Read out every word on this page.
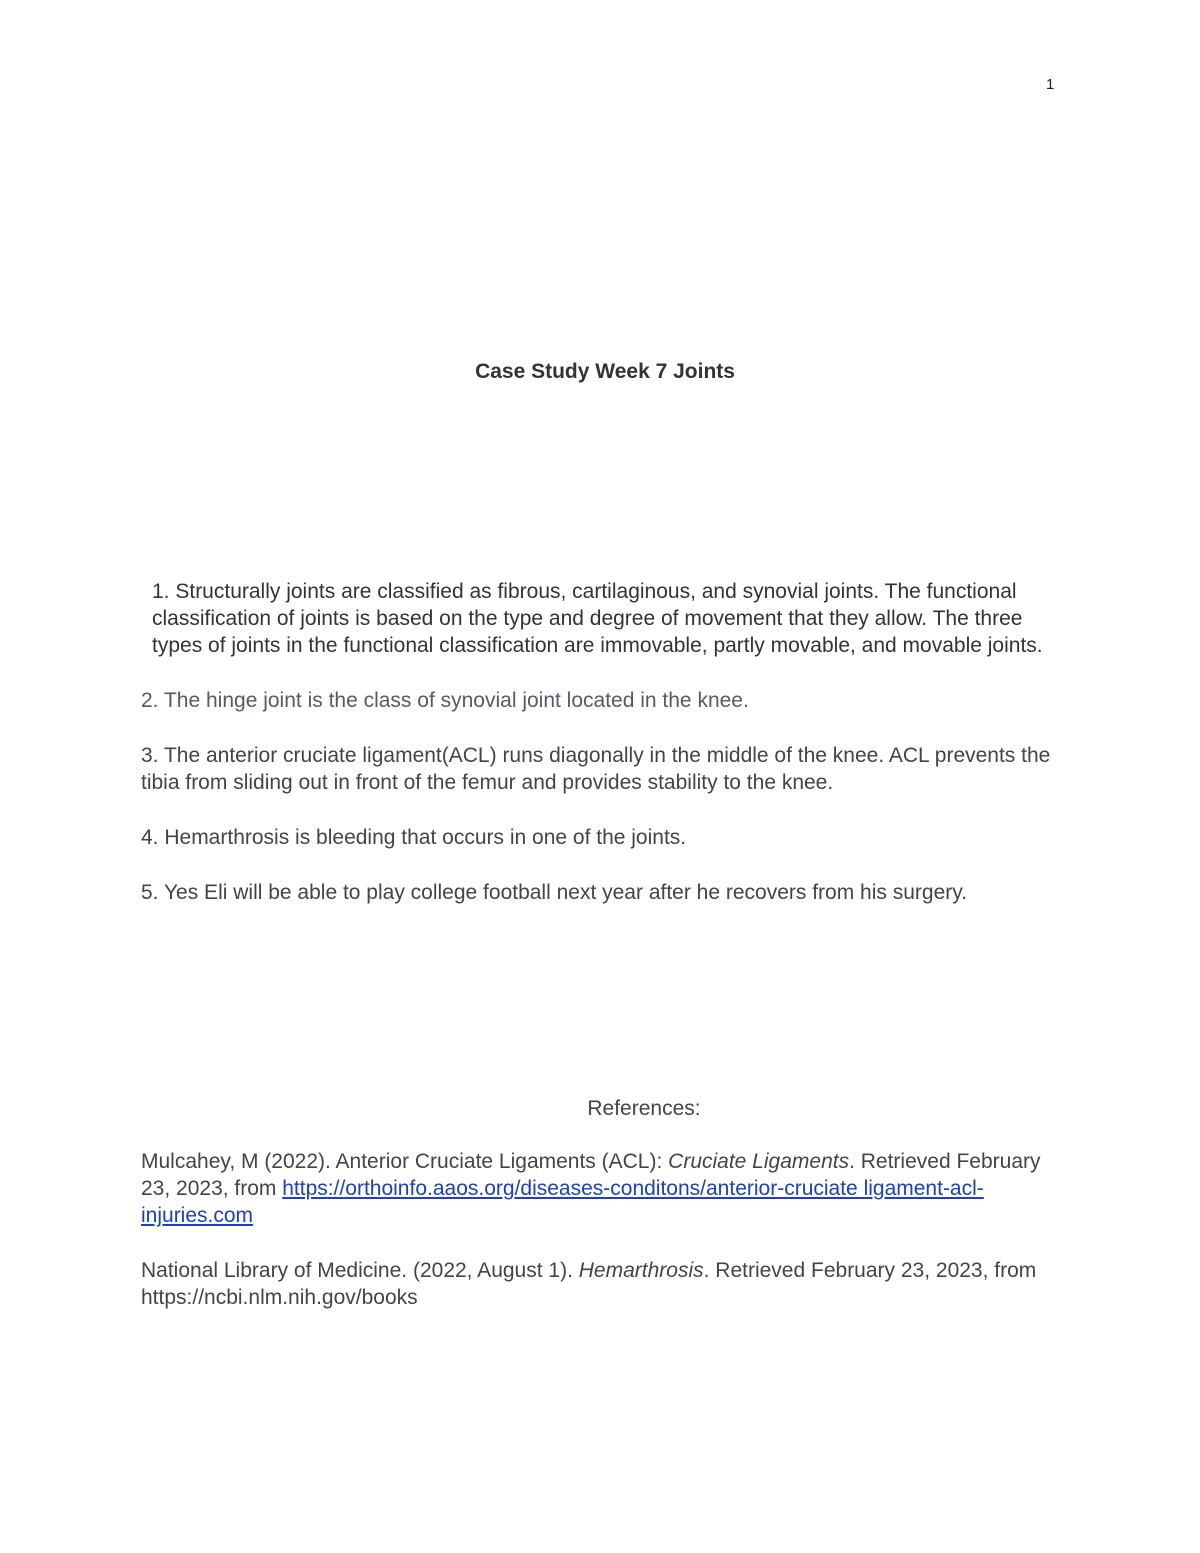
1
Case Study Week 7 Joints

1. Structurally joints are classified as fibrous, cartilaginous, and synovial joints. The functional classification of joints is based on the type and degree of movement that they allow. The three types of joints in the functional classification are immovable, partly movable, and movable joints.

2. The hinge joint is the class of synovial joint located in the knee.

3. The anterior cruciate ligament(ACL) runs diagonally in the middle of the knee. ACL prevents the tibia from sliding out in front of the femur and provides stability to the knee.

4. Hemarthrosis is bleeding that occurs in one of the joints.

5. Yes Eli will be able to play college football next year after he recovers from his surgery.

References:

Mulcahey, M (2022). Anterior Cruciate Ligaments (ACL): Cruciate Ligaments. Retrieved February 23, 2023, from https://orthoinfo.aaos.org/diseases-conditons/anterior-cruciate ligament-acl-injuries.com

National Library of Medicine. (2022, August 1). Hemarthrosis. Retrieved February 23, 2023, from https://ncbi.nlm.nih.gov/books
